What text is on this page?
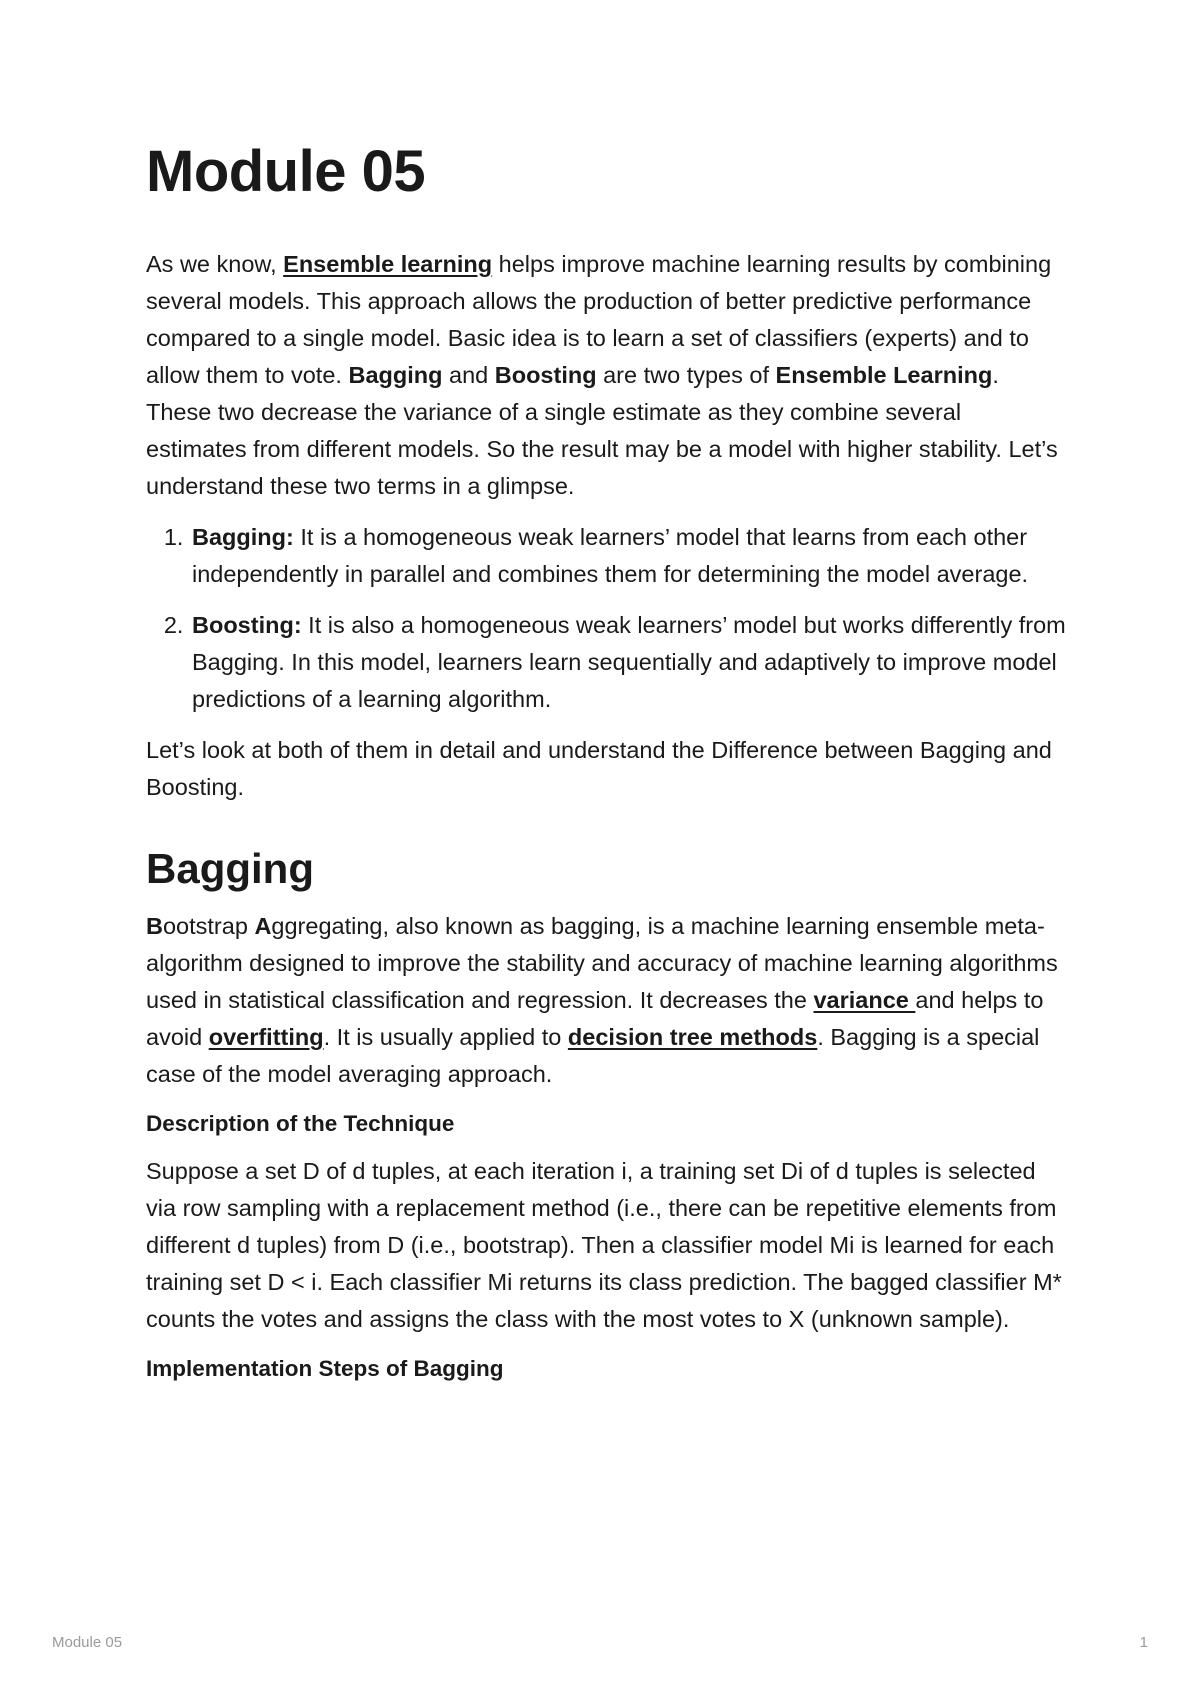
Module 05

As we know, Ensemble learning helps improve machine learning results by combining several models. This approach allows the production of better predictive performance compared to a single model. Basic idea is to learn a set of classifiers (experts) and to allow them to vote. Bagging and Boosting are two types of Ensemble Learning. These two decrease the variance of a single estimate as they combine several estimates from different models. So the result may be a model with higher stability. Let’s understand these two terms in a glimpse.

1. Bagging: It is a homogeneous weak learners’ model that learns from each other independently in parallel and combines them for determining the model average.
2. Boosting: It is also a homogeneous weak learners’ model but works differently from Bagging. In this model, learners learn sequentially and adaptively to improve model predictions of a learning algorithm.

Let’s look at both of them in detail and understand the Difference between Bagging and Boosting.

Bagging

Bootstrap Aggregating, also known as bagging, is a machine learning ensemble meta-algorithm designed to improve the stability and accuracy of machine learning algorithms used in statistical classification and regression. It decreases the variance and helps to avoid overfitting. It is usually applied to decision tree methods. Bagging is a special case of the model averaging approach.

Description of the Technique

Suppose a set D of d tuples, at each iteration i, a training set Di of d tuples is selected via row sampling with a replacement method (i.e., there can be repetitive elements from different d tuples) from D (i.e., bootstrap). Then a classifier model Mi is learned for each training set D < i. Each classifier Mi returns its class prediction. The bagged classifier M* counts the votes and assigns the class with the most votes to X (unknown sample).

Implementation Steps of Bagging
Module 05	1
